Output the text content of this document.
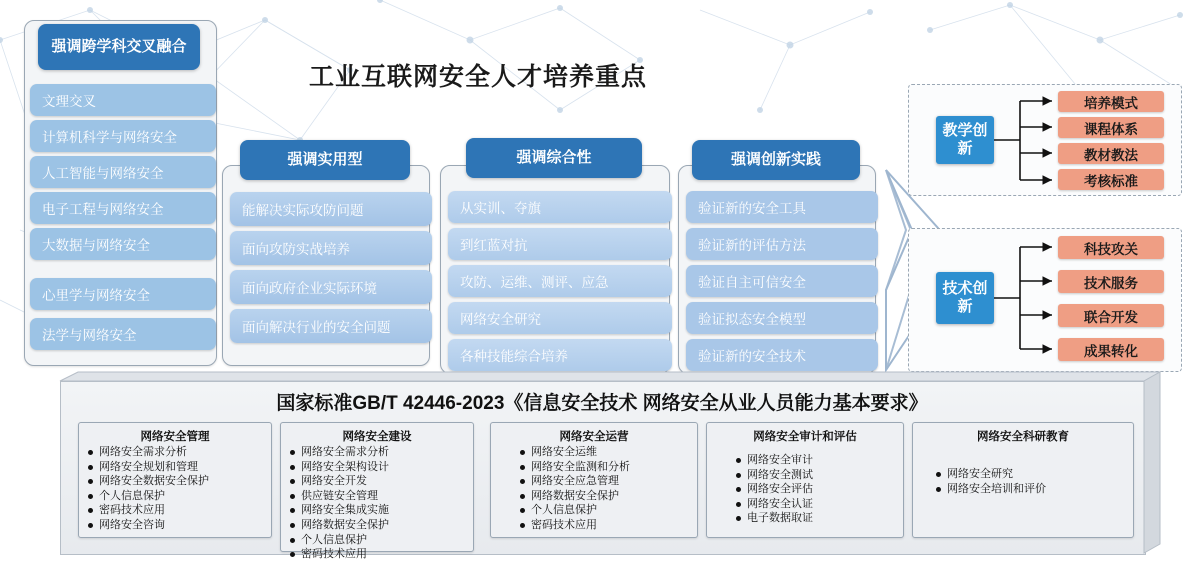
工业互联网安全人才培养重点
强调跨学科交叉融合
文理交叉
计算机科学与网络安全
人工智能与网络安全
电子工程与网络安全
大数据与网络安全
心里学与网络安全
法学与网络安全
强调实用型
能解决实际攻防问题
面向攻防实战培养
面向政府企业实际环境
面向解决行业的安全问题
强调综合性
从实训、夺旗
到红蓝对抗
攻防、运维、测评、应急
网络安全研究
各种技能综合培养
强调创新实践
验证新的安全工具
验证新的评估方法
验证自主可信安全
验证拟态安全模型
验证新的安全技术
教学创新
培养模式
课程体系
教材教法
考核标准
技术创新
科技攻关
技术服务
联合开发
成果转化
国家标准GB/T 42446-2023《信息安全技术 网络安全从业人员能力基本要求》
网络安全管理
网络安全需求分析
网络安全规划和管理
网络安全数据安全保护
个人信息保护
密码技术应用
网络安全咨询
网络安全建设
网络安全需求分析
网络安全架构设计
网络安全开发
供应链安全管理
网络安全集成实施
网络数据安全保护
个人信息保护
密码技术应用
网络安全运营
网络安全运维
网络安全监测和分析
网络安全应急管理
网络数据安全保护
个人信息保护
密码技术应用
网络安全审计和评估
网络安全审计
网络安全测试
网络安全评估
网络安全认证
电子数据取证
网络安全科研教育
网络安全研究
网络安全培训和评价
